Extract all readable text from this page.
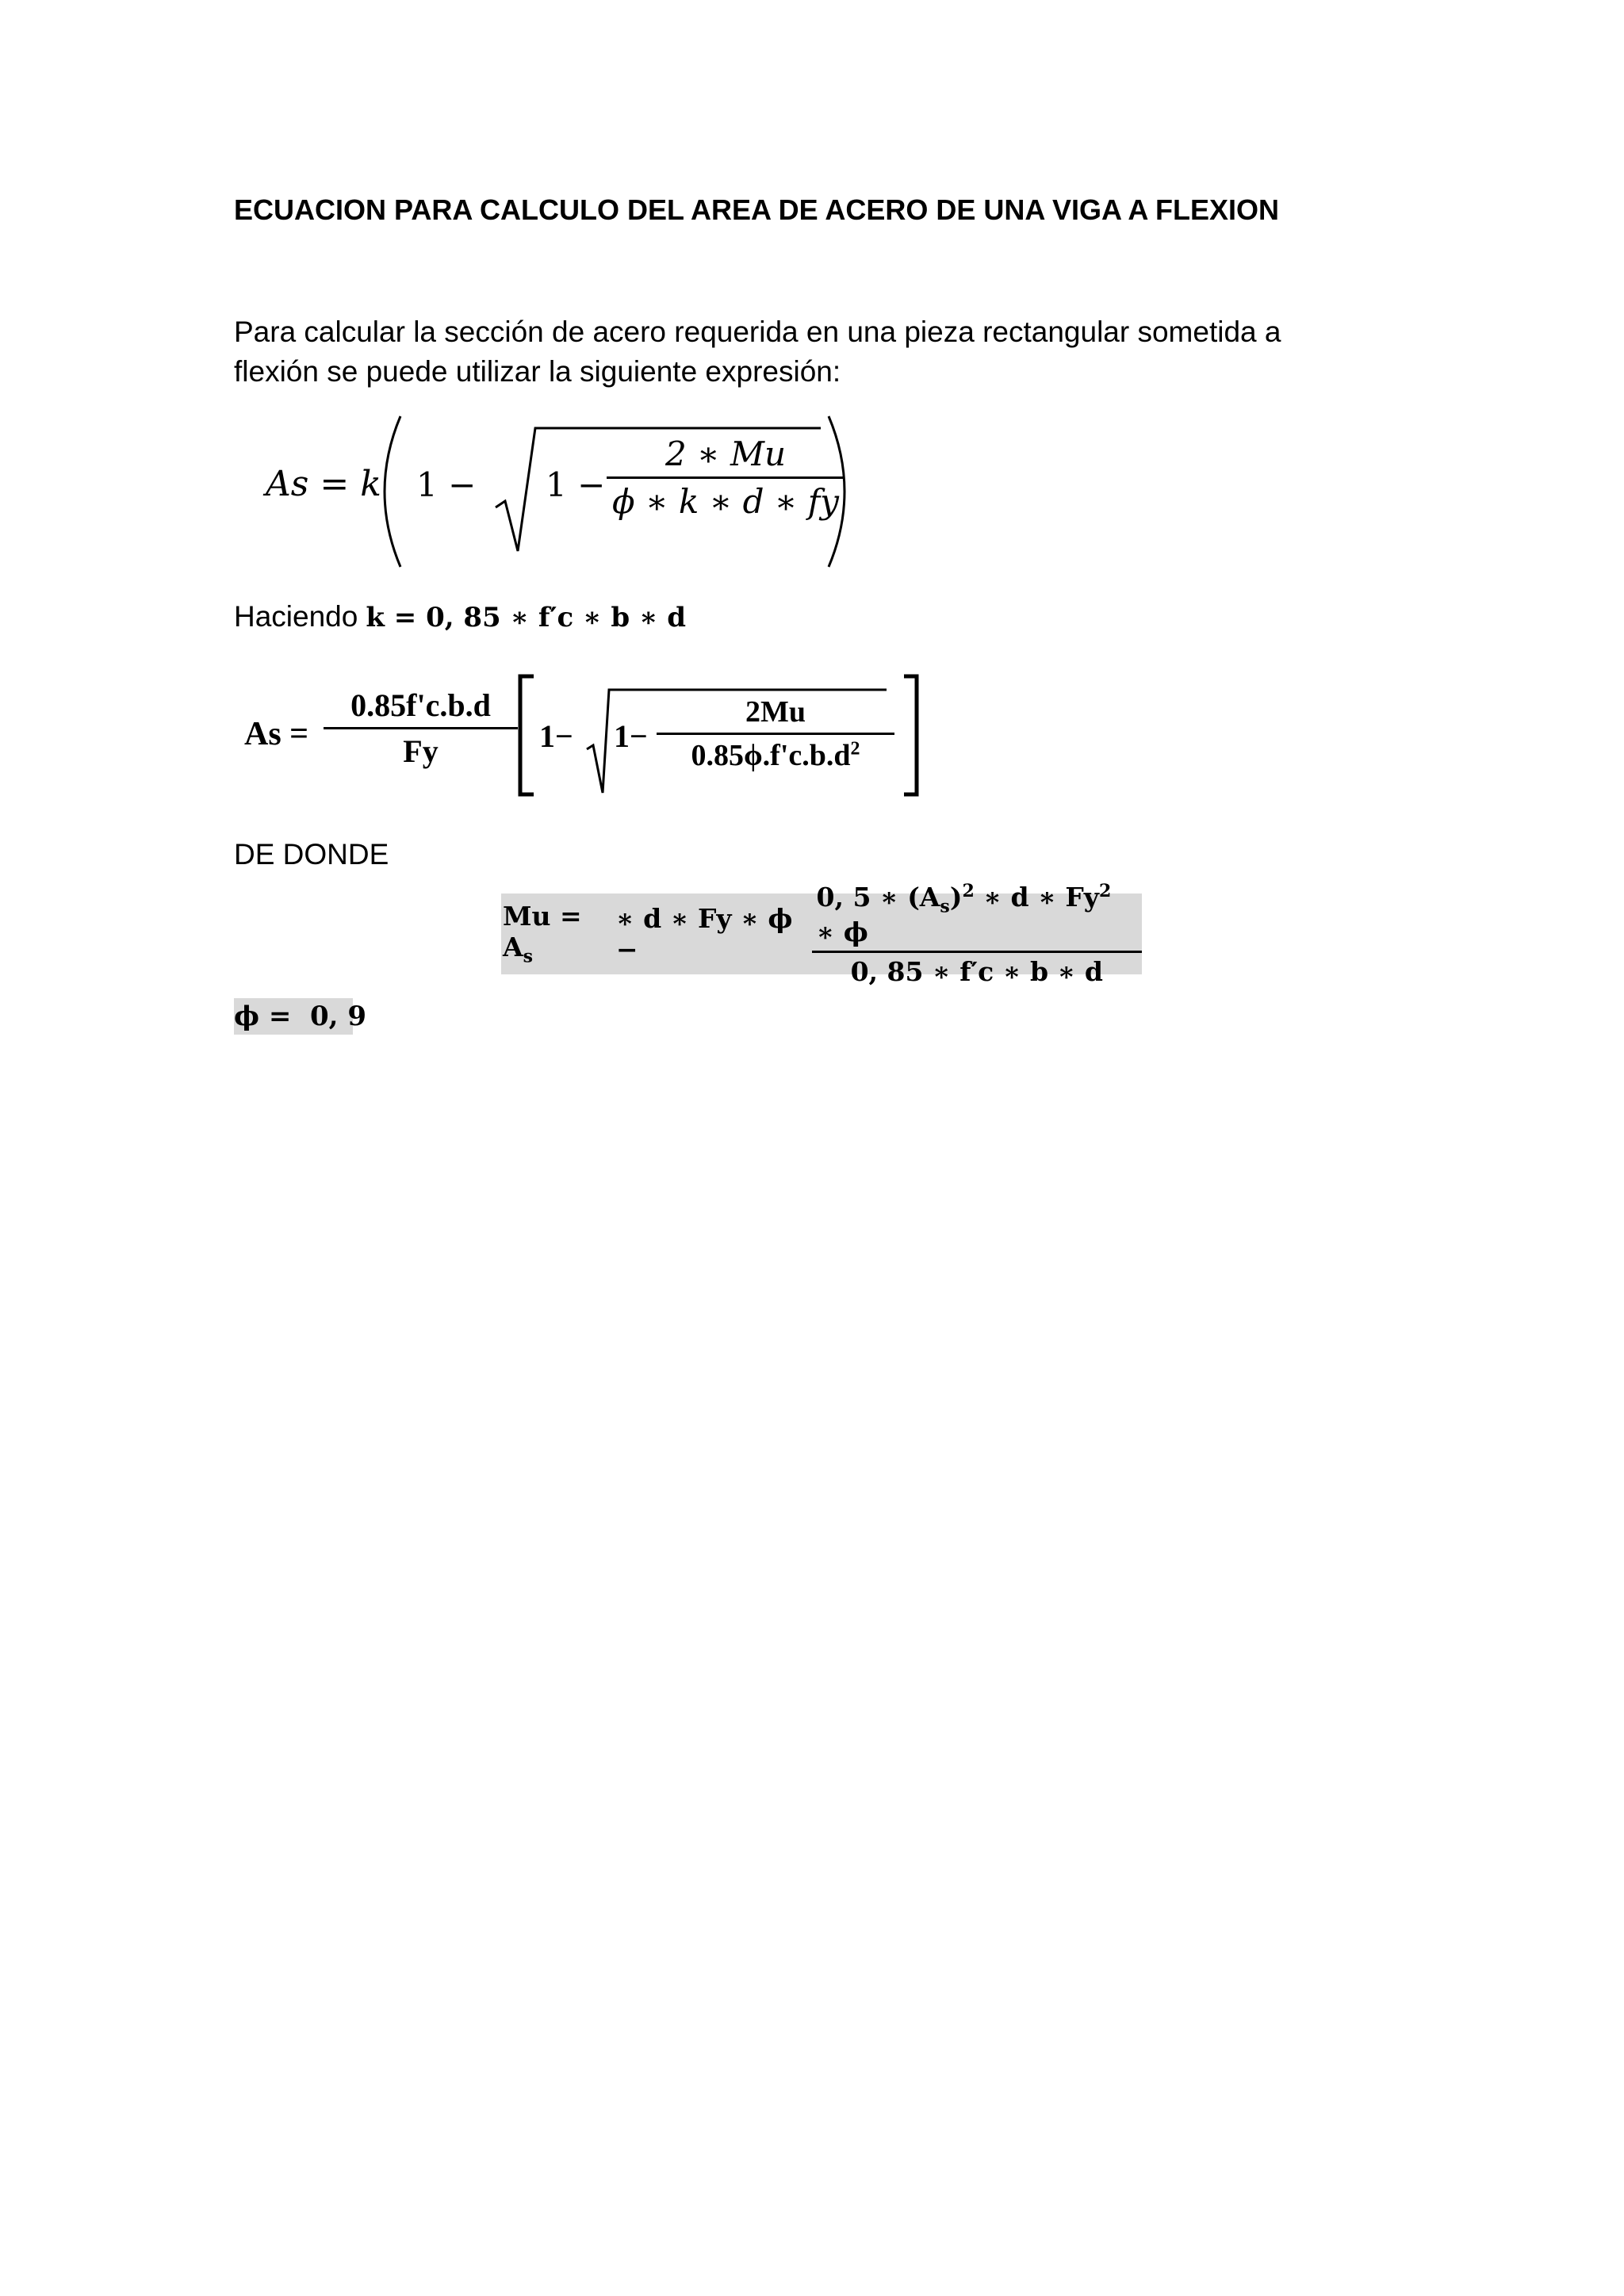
ECUACION PARA CALCULO DEL AREA DE ACERO DE UNA VIGA A FLEXION
Para calcular la sección de acero requerida en una pieza rectangular sometida a
flexión se puede utilizar la siguiente expresión:
As = k 1 − 1 −
2 ∗ Mu
ϕ ∗ k ∗ d ∗ fy
Haciendo k = 0, 85 ∗ f′c ∗ b ∗ d
As =
0.85f'c.b.d
Fy	1− 1−
2Mu
$0.85\phi.f'c.b.d^2$
DE DONDE
$Mu = A_s$
∗ d ∗ Fy ∗ ϕ −	$\frac{0, 5 ∗ (A_s)^2 ∗ d ∗ Fy^2 ∗ \phi}{0, 85 ∗ f'c ∗ b ∗ d}$
ϕ =  0, 9
